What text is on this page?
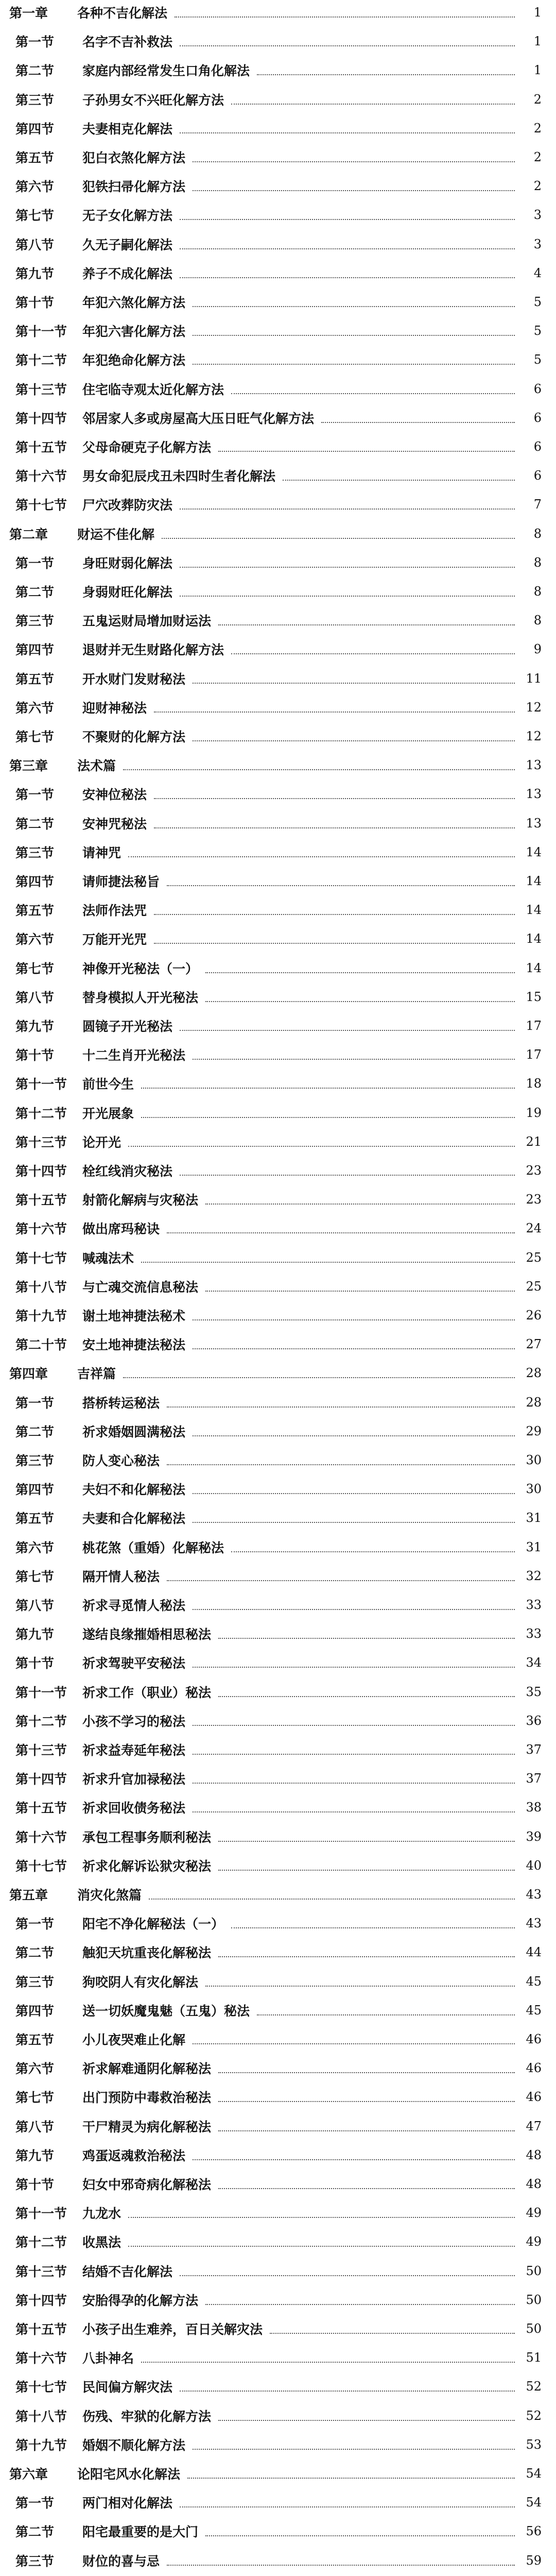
第一章 各种不吉化解法	1
第一节 名字不吉补救法	1
第二节 家庭内部经常发生口角化解法	1
第三节 子孙男女不兴旺化解方法	2
第四节 夫妻相克化解法	2
第五节 犯白衣煞化解方法	2
第六节 犯铁扫帚化解方法	2
第七节 无子女化解方法	3
第八节 久无子嗣化解法	3
第九节 养子不成化解法	4
第十节 年犯六煞化解方法	5
第十一节 年犯六害化解方法	5
第十二节 年犯绝命化解方法	5
第十三节 住宅临寺观太近化解方法	6
第十四节 邻居家人多或房屋高大压日旺气化解方法	6
第十五节 父母命硬克子化解方法	6
第十六节 男女命犯辰戌丑未四时生者化解法	6
第十七节 尸穴改葬防灾法	7
第二章 财运不佳化解	8
第一节 身旺财弱化解法	8
第二节 身弱财旺化解法	8
第三节 五鬼运财局增加财运法	8
第四节 退财并无生财路化解方法	9
第五节 开水财门发财秘法	11
第六节 迎财神秘法	12
第七节 不聚财的化解方法	12
第三章 法术篇	13
第一节 安神位秘法	13
第二节 安神咒秘法	13
第三节 请神咒	14
第四节 请师捷法秘旨	14
第五节 法师作法咒	14
第六节 万能开光咒	14
第七节 神像开光秘法（一）	14
第八节 替身模拟人开光秘法	15
第九节 圆镜子开光秘法	17
第十节 十二生肖开光秘法	17
第十一节 前世今生	18
第十二节 开光展象	19
第十三节 论开光	21
第十四节 栓红线消灾秘法	23
第十五节 射箭化解病与灾秘法	23
第十六节 做出席玛秘诀	24
第十七节 喊魂法术	25
第十八节 与亡魂交流信息秘法	25
第十九节 谢土地神捷法秘术	26
第二十节 安土地神捷法秘法	27
第四章 吉祥篇	28
第一节 搭桥转运秘法	28
第二节 祈求婚姻圆满秘法	29
第三节 防人变心秘法	30
第四节 夫妇不和化解秘法	30
第五节 夫妻和合化解秘法	31
第六节 桃花煞（重婚）化解秘法	31
第七节 隔开情人秘法	32
第八节 祈求寻觅情人秘法	33
第九节 遂结良缘摧婚相思秘法	33
第十节 祈求驾驶平安秘法	34
第十一节 祈求工作（职业）秘法	35
第十二节 小孩不学习的秘法	36
第十三节 祈求益寿延年秘法	37
第十四节 祈求升官加禄秘法	37
第十五节 祈求回收债务秘法	38
第十六节 承包工程事务顺利秘法	39
第十七节 祈求化解诉讼狱灾秘法	40
第五章 消灾化煞篇	43
第一节 阳宅不净化解秘法（一）	43
第二节 触犯天坑重丧化解秘法	44
第三节 狗咬阴人有灾化解法	45
第四节 送一切妖魔鬼魅（五鬼）秘法	45
第五节 小儿夜哭难止化解	46
第六节 祈求解难通阴化解秘法	46
第七节 出门预防中毒救治秘法	46
第八节 干尸精灵为病化解秘法	47
第九节 鸡蛋返魂救治秘法	48
第十节 妇女中邪奇病化解秘法	48
第十一节 九龙水	49
第十二节 收黑法	49
第十三节 结婚不吉化解法	50
第十四节 安胎得孕的化解方法	50
第十五节 小孩子出生难养，百日关解灾法	50
第十六节 八卦神名	51
第十七节 民间偏方解灾法	52
第十八节 伤残、牢狱的化解方法	52
第十九节 婚姻不顺化解方法	53
第六章 论阳宅风水化解法	54
第一节 两门相对化解法	54
第二节 阳宅最重要的是大门	56
第三节 财位的喜与忌	59
